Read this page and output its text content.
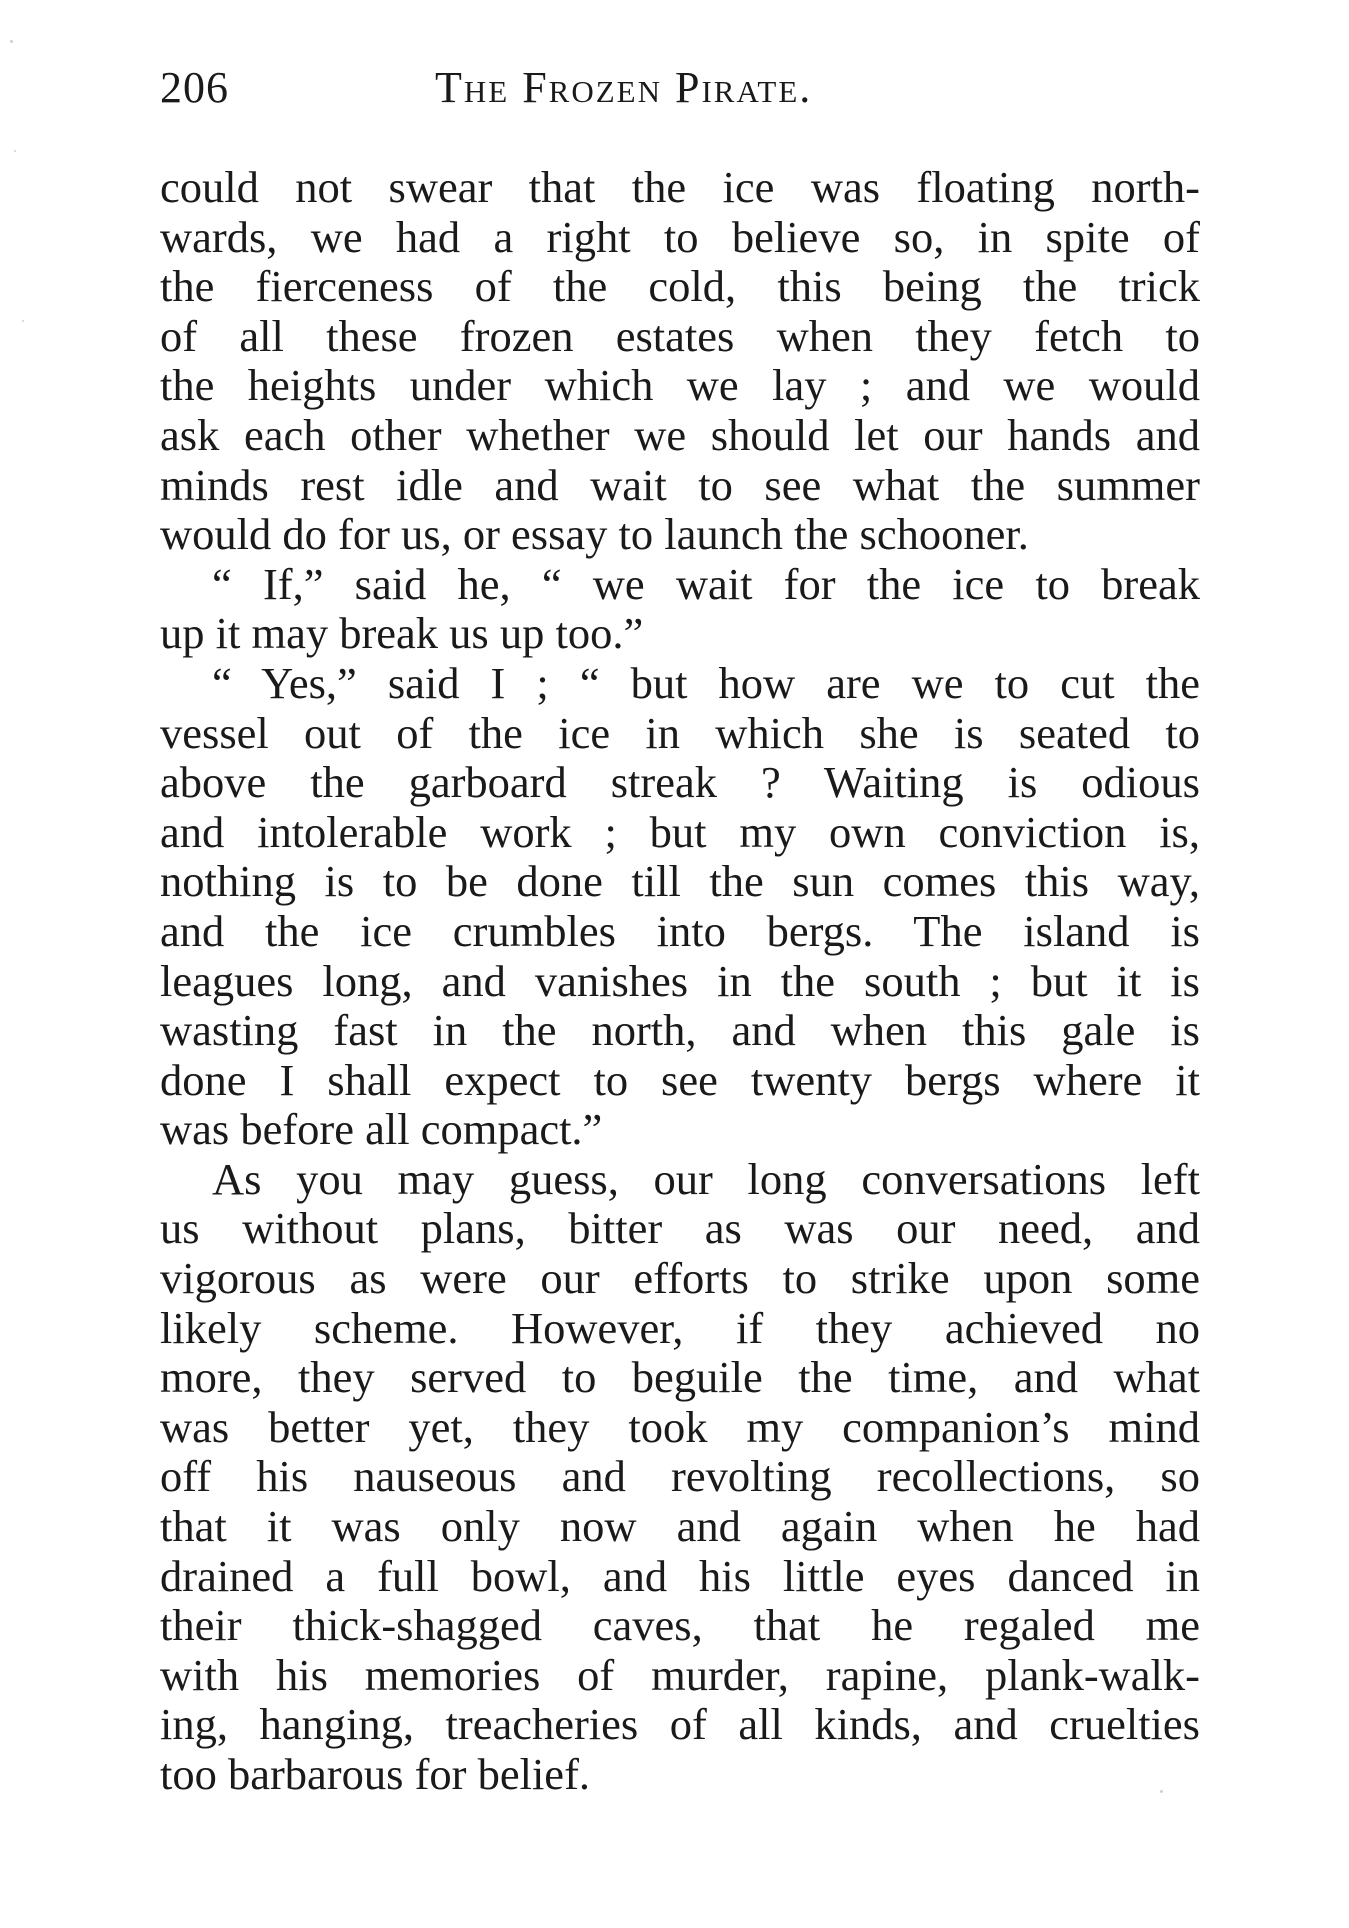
206	The Frozen Pirate.
could not swear that the ice was floating north-
wards, we had a right to believe so, in spite of
the fierceness of the cold, this being the trick
of all these frozen estates when they fetch to
the heights under which we lay ; and we would
ask each other whether we should let our hands and
minds rest idle and wait to see what the summer
would do for us, or essay to launch the schooner.
“ If,” said he, “ we wait for the ice to break
up it may break us up too.”
“ Yes,” said I ; “ but how are we to cut the
vessel out of the ice in which she is seated to
above the garboard streak ? Waiting is odious
and intolerable work ; but my own conviction is,
nothing is to be done till the sun comes this way,
and the ice crumbles into bergs. The island is
leagues long, and vanishes in the south ; but it is
wasting fast in the north, and when this gale is
done I shall expect to see twenty bergs where it
was before all compact.”
As you may guess, our long conversations left
us without plans, bitter as was our need, and
vigorous as were our efforts to strike upon some
likely scheme. However, if they achieved no
more, they served to beguile the time, and what
was better yet, they took my companion’s mind
off his nauseous and revolting recollections, so
that it was only now and again when he had
drained a full bowl, and his little eyes danced in
their thick-shagged caves, that he regaled me
with his memories of murder, rapine, plank-walk-
ing, hanging, treacheries of all kinds, and cruelties
too barbarous for belief.
